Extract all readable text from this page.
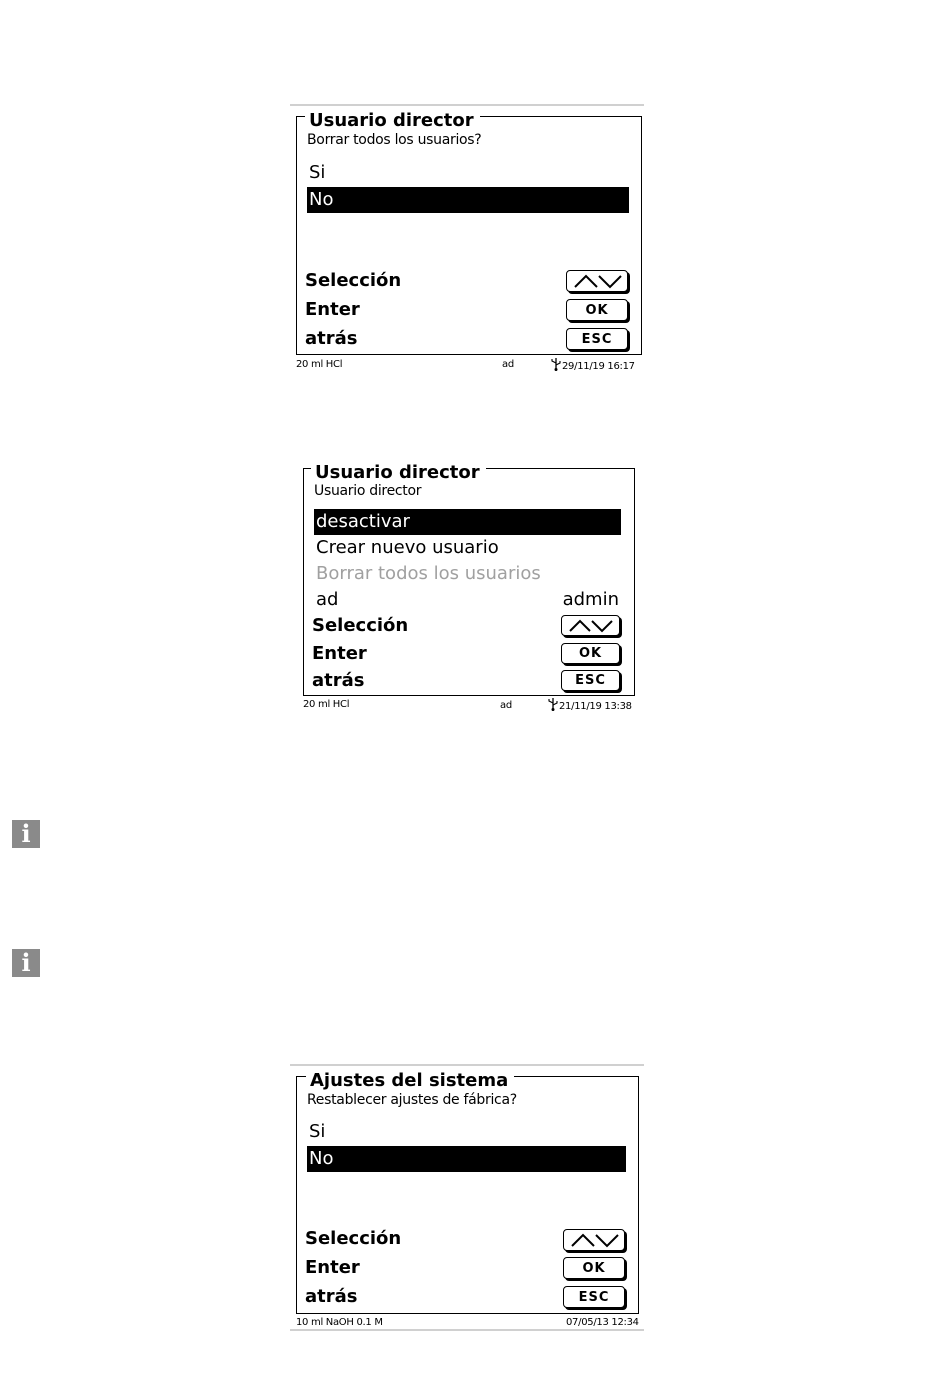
Usuario director
Borrar todos los usuarios?
Si
No
Selección
Enter
atrás
OK
ESC
20 ml HCl	ad	29/11/19 16:17
Usuario director
Usuario director
desactivar
Crear nuevo usuario
Borrar todos los usuarios
ad	admin
Selección
Enter
atrás
OK
ESC
20 ml HCl	ad	21/11/19 13:38
i
i
Ajustes del sistema
Restablecer ajustes de fábrica?
Si
No
Selección
Enter
atrás
OK
ESC
10 ml NaOH 0.1 M	07/05/13 12:34
